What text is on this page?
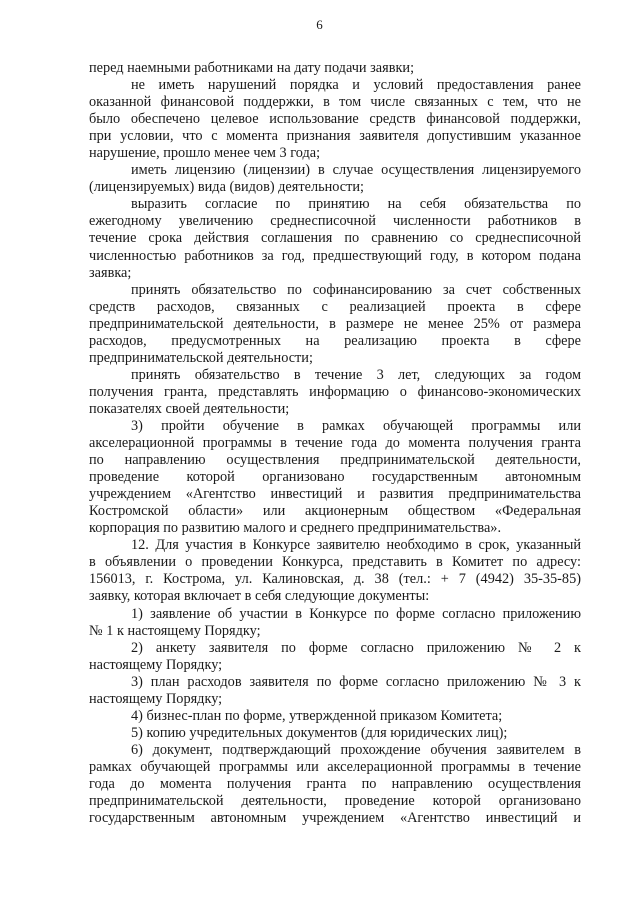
6
перед наемными работниками на дату подачи заявки;
не иметь нарушений порядка и условий предоставления ранее
оказанной финансовой поддержки, в том числе связанных с тем, что не
было обеспечено целевое использование средств финансовой поддержки,
при условии, что с момента признания заявителя допустившим указанное
нарушение, прошло менее чем 3 года;
иметь лицензию (лицензии) в случае осуществления лицензируемого
(лицензируемых) вида (видов) деятельности;
выразить согласие по принятию на себя обязательства по
ежегодному увеличению среднесписочной численности работников в
течение срока действия соглашения по сравнению со среднесписочной
численностью работников за год, предшествующий году, в котором подана
заявка;
принять обязательство по софинансированию за счет собственных
средств расходов, связанных с реализацией проекта в сфере
предпринимательской деятельности, в размере не менее 25% от размера
расходов, предусмотренных на реализацию проекта в сфере
предпринимательской деятельности;
принять обязательство в течение 3 лет, следующих за годом
получения гранта, представлять информацию о финансово-экономических
показателях своей деятельности;
3) пройти обучение в рамках обучающей программы или
акселерационной программы в течение года до момента получения гранта
по направлению осуществления предпринимательской деятельности,
проведение которой организовано государственным автономным
учреждением «Агентство инвестиций и развития предпринимательства
Костромской области» или акционерным обществом «Федеральная
корпорация по развитию малого и среднего предпринимательства».
12. Для участия в Конкурсе заявителю необходимо в срок, указанный
в объявлении о проведении Конкурса, представить в Комитет по адресу:
156013, г. Кострома, ул. Калиновская, д. 38 (тел.: + 7 (4942) 35-35-85)
заявку, которая включает в себя следующие документы:
1) заявление об участии в Конкурсе по форме согласно приложению
№ 1 к настоящему Порядку;
2) анкету заявителя по форме согласно приложению № 2 к
настоящему Порядку;
3) план расходов заявителя по форме согласно приложению № 3 к
настоящему Порядку;
4) бизнес-план по форме, утвержденной приказом Комитета;
5) копию учредительных документов (для юридических лиц);
6) документ, подтверждающий прохождение обучения заявителем в
рамках обучающей программы или акселерационной программы в течение
года до момента получения гранта по направлению осуществления
предпринимательской деятельности, проведение которой организовано
государственным автономным учреждением «Агентство инвестиций и
